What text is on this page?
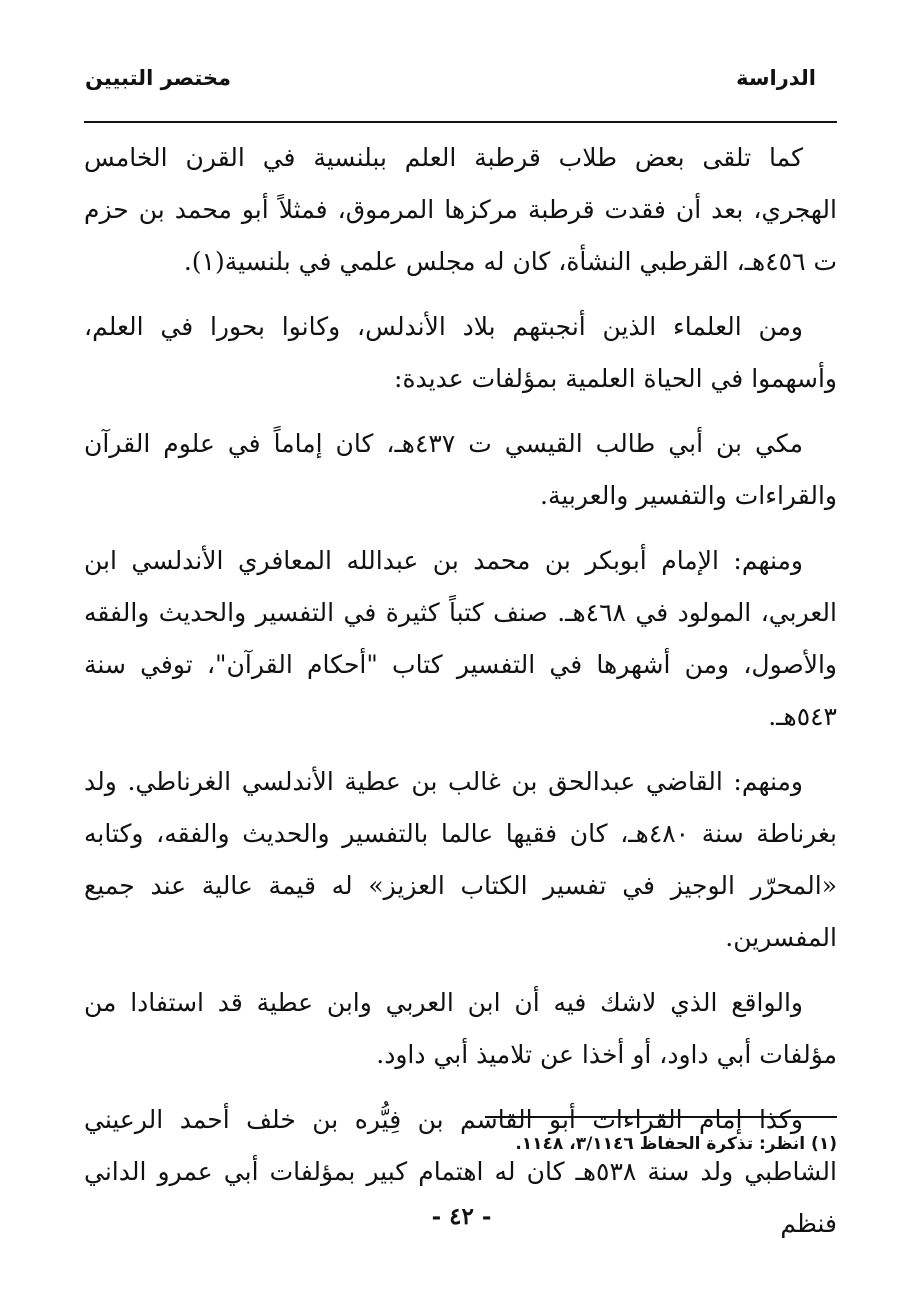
الدراسة
مختصر التبيين

كما تلقى بعض طلاب قرطبة العلم ببلنسية في القرن الخامس الهجري، بعد أن فقدت قرطبة مركزها المرموق، فمثلاً أبو محمد بن حزم ت ٤٥٦هـ، القرطبي النشأة، كان له مجلس علمي في بلنسية(١).

ومن العلماء الذين أنجبتهم بلاد الأندلس، وكانوا بحورا في العلم، وأسهموا في الحياة العلمية بمؤلفات عديدة:

مكي بن أبي طالب القيسي ت ٤٣٧هـ، كان إماماً في علوم القرآن والقراءات والتفسير والعربية.

ومنهم: الإمام أبوبكر بن محمد بن عبدالله المعافري الأندلسي ابن العربي، المولود في ٤٦٨هـ. صنف كتباً كثيرة في التفسير والحديث والفقه والأصول، ومن أشهرها في التفسير كتاب "أحكام القرآن"، توفي سنة ٥٤٣هـ.

ومنهم: القاضي عبدالحق بن غالب بن عطية الأندلسي الغرناطي. ولد بغرناطة سنة ٤٨٠هـ، كان فقيها عالما بالتفسير والحديث والفقه، وكتابه «المحرّر الوجيز في تفسير الكتاب العزيز» له قيمة عالية عند جميع المفسرين.

والواقع الذي لاشك فيه أن ابن العربي وابن عطية قد استفادا من مؤلفات أبي داود، أو أخذا عن تلاميذ أبي داود.

وكذا إمام القراءات أبو القاسم بن فِيُّره بن خلف أحمد الرعيني الشاطبي ولد سنة ٥٣٨هـ كان له اهتمام كبير بمؤلفات أبي عمرو الداني فنظم

(١) انظر: تذكرة الحفاظ ٣/١١٤٦، ١١٤٨.
- ٤٢ -
